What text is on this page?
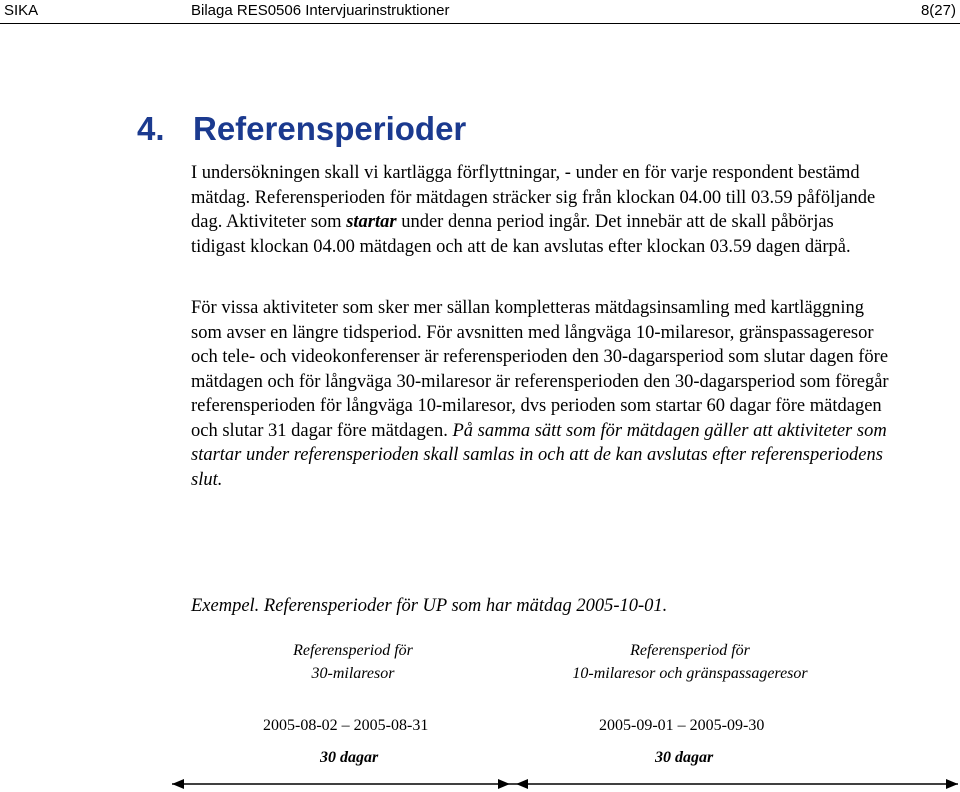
SIKA	Bilaga RES0506 Intervjuarinstruktioner	8(27)
4. Referensperioder

I undersökningen skall vi kartlägga förflyttningar, - under en för varje respondent bestämd mätdag. Referensperioden för mätdagen sträcker sig från klockan 04.00 till 03.59 påföljande dag. Aktiviteter som startar under denna period ingår. Det innebär att de skall påbörjas tidigast klockan 04.00 mätdagen och att de kan avslutas efter klockan 03.59 dagen därpå.

För vissa aktiviteter som sker mer sällan kompletteras mätdagsinsamling med kartläggning som avser en längre tidsperiod. För avsnitten med långväga 10-milaresor, gränspassageresor och tele- och videokonferenser är referensperioden den 30-dagarsperiod som slutar dagen före mätdagen och för långväga 30-milaresor är referensperioden den 30-dagarsperiod som föregår referensperioden för långväga 10-milaresor, dvs perioden som startar 60 dagar före mätdagen och slutar 31 dagar före mätdagen. På samma sätt som för mätdagen gäller att aktiviteter som startar under referensperioden skall samlas in och att de kan avslutas efter referensperiodens slut.

Exempel. Referensperioder för UP som har mätdag 2005-10-01.

Referensperiod för
30-milaresor
Referensperiod för
10-milaresor och gränspassageresor
2005-08-02 – 2005-08-31	2005-09-01 – 2005-09-30
30 dagar	30 dagar
